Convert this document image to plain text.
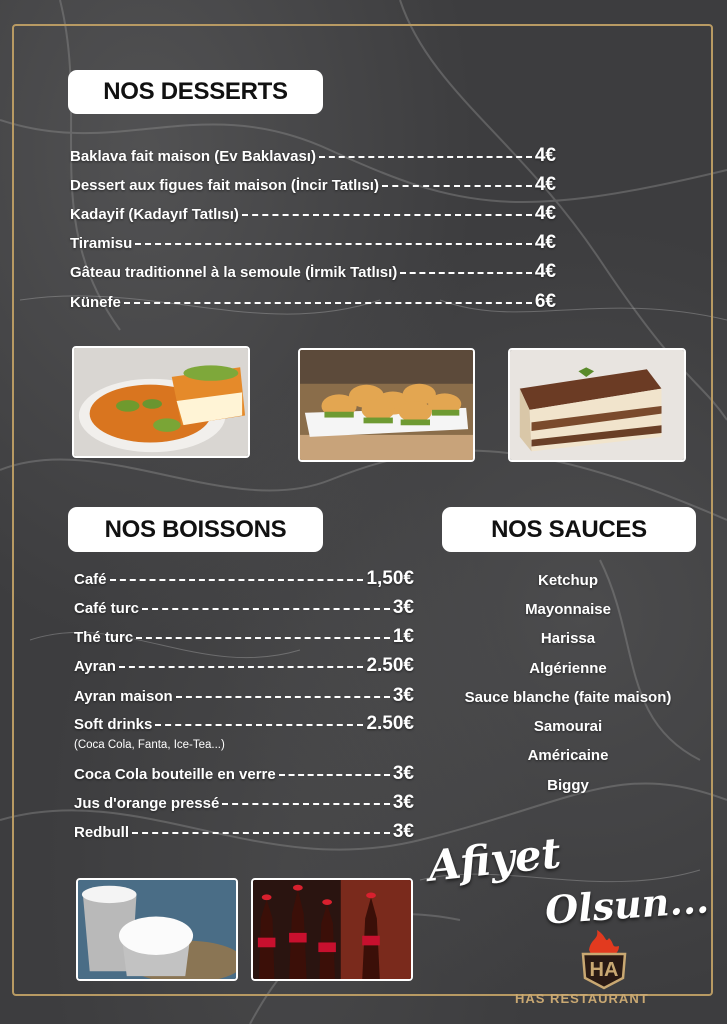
NOS DESSERTS
Baklava fait maison (Ev Baklavası)	4€
Dessert aux figues fait maison (İncir Tatlısı)	4€
Kadayif (Kadayıf Tatlısı)	4€
Tiramisu	4€
Gâteau traditionnel à la semoule (İrmik Tatlısı)	4€
Künefe	6€
NOS BOISSONS
Café	1,50€
Café turc	3€
Thé turc	1€
Ayran	2.50€
Ayran maison	3€
Soft drinks	2.50€
(Coca Cola, Fanta, Ice-Tea...)
Coca Cola bouteille en verre	3€
Jus d'orange pressé	3€
Redbull	3€
NOS SAUCES
Ketchup
Mayonnaise
Harissa
Algérienne
Sauce blanche (faite maison)
Samourai
Américaine
Biggy
Afiyet
Olsun...
HA
HAS RESTAURANT
